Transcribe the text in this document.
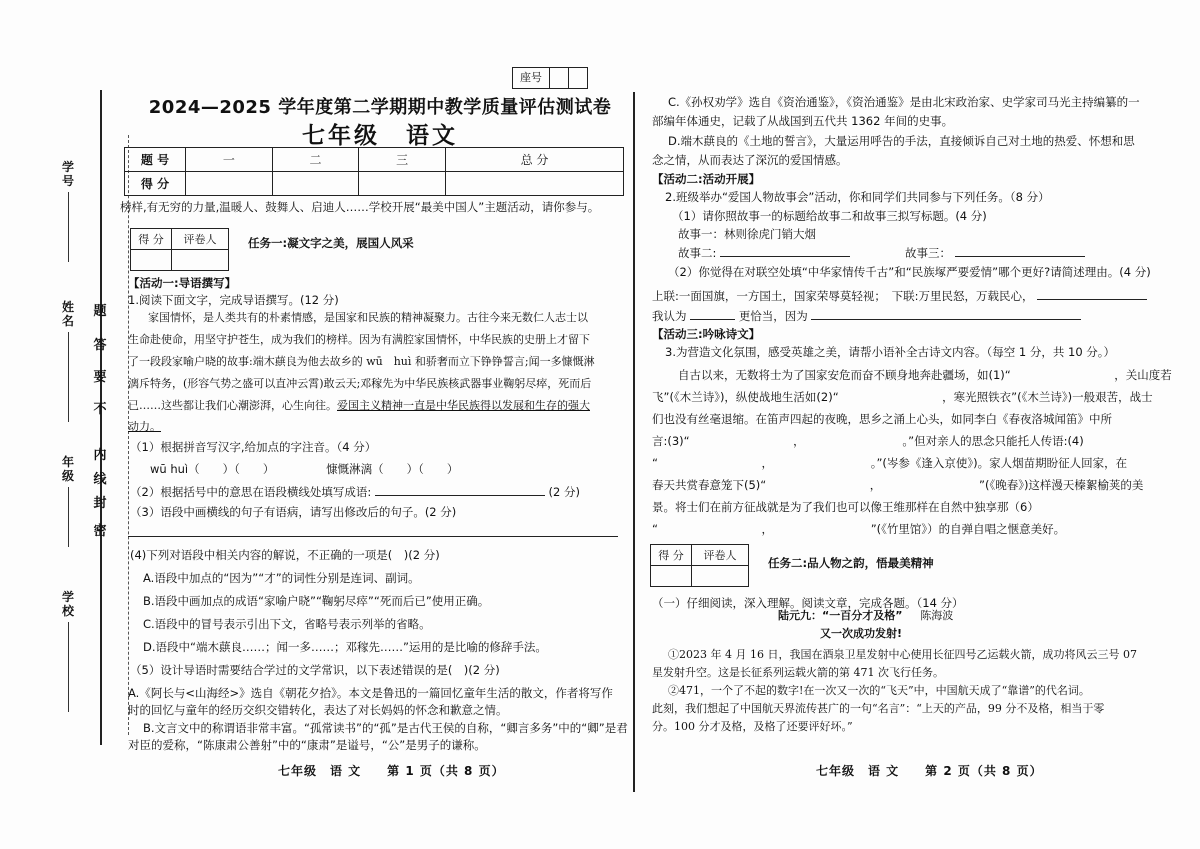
学号
姓名
年级
学校
题
答
要
不
内
线
封
密
座号
2024—2025 学年度第二学期期中教学质量评估测试卷
七年级　语文
题 号	一	二	三	总 分
得 分				
榜样,有无穷的力量,温暖人、鼓舞人、启迪人……学校开展“最美中国人”主题活动，请你参与。
得 分	评卷人
		任务一:凝文字之美，展国人风采
【活动一:导语撰写】
1.阅读下面文字，完成导语撰写。(12 分)
家国情怀，是人类共有的朴素情感，是国家和民族的精神凝聚力。古往今来无数仁人志士以
生命赴使命，用坚守护苍生，成为我们的榜样。因为有满腔家国情怀，中华民族的史册上才留下
了一段段家喻户晓的故事:端木蕻良为他去故乡的 wū　huì 和骄奢而立下铮铮誓言;闻一多慷慨淋
漓斥特务，(形容气势之盛可以直冲云霄)敢云天;邓稼先为中华民族核武器事业鞠躬尽瘁，死而后
已……这些都让我们心潮澎湃，心生向往。爱国主义精神一直是中华民族得以发展和生存的强大
动力。
（1）根据拼音写汉字,给加点的字注音。（4 分）
wū huì（　　）（　　）　　　　　慷慨淋漓（　　）（　　）
（2）根据括号中的意思在语段横线处填写成语:	(2 分)
（3）语段中画横线的句子有语病，请写出修改后的句子。(2 分)
(4)下列对语段中相关内容的解说，不正确的一项是(　)(2 分)
A.语段中加点的“因为”“才”的词性分别是连词、副词。
B.语段中画加点的成语“家喻户晓”“鞠躬尽瘁”“死而后已”使用正确。
C.语段中的冒号表示引出下文，省略号表示列举的省略。
D.语段中“端木蕻良……；闻一多……；邓稼先……”运用的是比喻的修辞手法。
（5）设计导语时需要结合学过的文学常识，以下表述错误的是(　)(2 分)
A.《阿长与<山海经>》选自《朝花夕拾》。本文是鲁迅的一篇回忆童年生活的散文，作者将写作
时的回忆与童年的经历交织交错转化，表达了对长妈妈的怀念和歉意之情。
B.文言文中的称谓语非常丰富。“孤常读书”的“孤”是古代王侯的自称，“卿言多务”中的“卿”是君
对臣的爱称，“陈康肃公善射”中的“康肃”是谥号，“公”是男子的谦称。
七年级　语 文　　第 1 页（共 8 页）
C.《孙权劝学》选自《资治通鉴》，《资治通鉴》是由北宋政治家、史学家司马光主持编纂的一
部编年体通史，记载了从战国到五代共 1362 年间的史事。
D.端木蕻良的《土地的誓言》，大量运用呼告的手法，直接倾诉自己对土地的热爱、怀想和思
念之情，从而表达了深沉的爱国情感。
【活动二:活动开展】
2.班级举办“爱国人物故事会”活动，你和同学们共同参与下列任务。（8 分）
（1）请你照故事一的标题给故事二和故事三拟写标题。(4 分)
故事一：林则徐虎门销大烟
故事二:	故事三：
（2）你觉得在对联空处填“中华家情传千古”和“民族塚严要爱情”哪个更好?请简述理由。(4 分)
上联:一面国旗，一方国土，国家荣辱莫轻视；　下联:万里民怒，万载民心，
我认为	更恰当，因为
【活动三:吟咏诗文】
3.为营造文化氛围，感受英雄之美，请帮小语补全古诗文内容。（每空 1 分，共 10 分。）
自古以来，无数将士为了国家安危而奋不顾身地奔赴疆场，如(1)“　　　　　　　　　，关山度若
飞”(《木兰诗》)，纵使战地生活如(2)“　　　　　　　　　，寒光照铁衣”(《木兰诗》)一般艰苦，战士
们也没有丝毫退缩。在笛声四起的夜晚，思乡之涌上心头，如同李白《春夜洛城闻笛》中所
言:(3)“　　　　　　　　　，　　　　　　　　　。”但对亲人的思念只能托人传语:(4)
“　　　　　　　　　，　　　　　　　　　。”(岑参《逢入京使》)。家人烟苗期盼征人回家，在
春天共赏春意笼下(5)“　　　　　　　　　，　　　　　　　　　”(《晚春》)这样漫天榛絮榆荚的美
景。将士们在前方征战就是为了我们也可以像王维那样在自然中独享那（6）
“　　　　　　　　　，　　　　　　　　　”(《竹里馆》）的自弹自唱之惬意美好。
得 分	评卷人

任务二:品人物之韵，悟最美精神
（一）仔细阅读，深入理解。阅读文章，完成各题。（14 分）
陆元九：“一百分才及格” 陈海波
又一次成功发射!
①2023 年 4 月 16 日，我国在酒泉卫星发射中心使用长征四号乙运载火箭，成功将风云三号 07
星发射升空。这是长征系列运载火箭的第 471 次飞行任务。
②471，一个了不起的数字!在一次又一次的“飞天”中，中国航天成了“靠谱”的代名词。
此刻，我们想起了中国航天界流传甚广的一句“名言”：“上天的产品，99 分不及格，相当于零
分。100 分才及格，及格了还要评好坏。”
七年级　语 文　　第 2 页（共 8 页）
